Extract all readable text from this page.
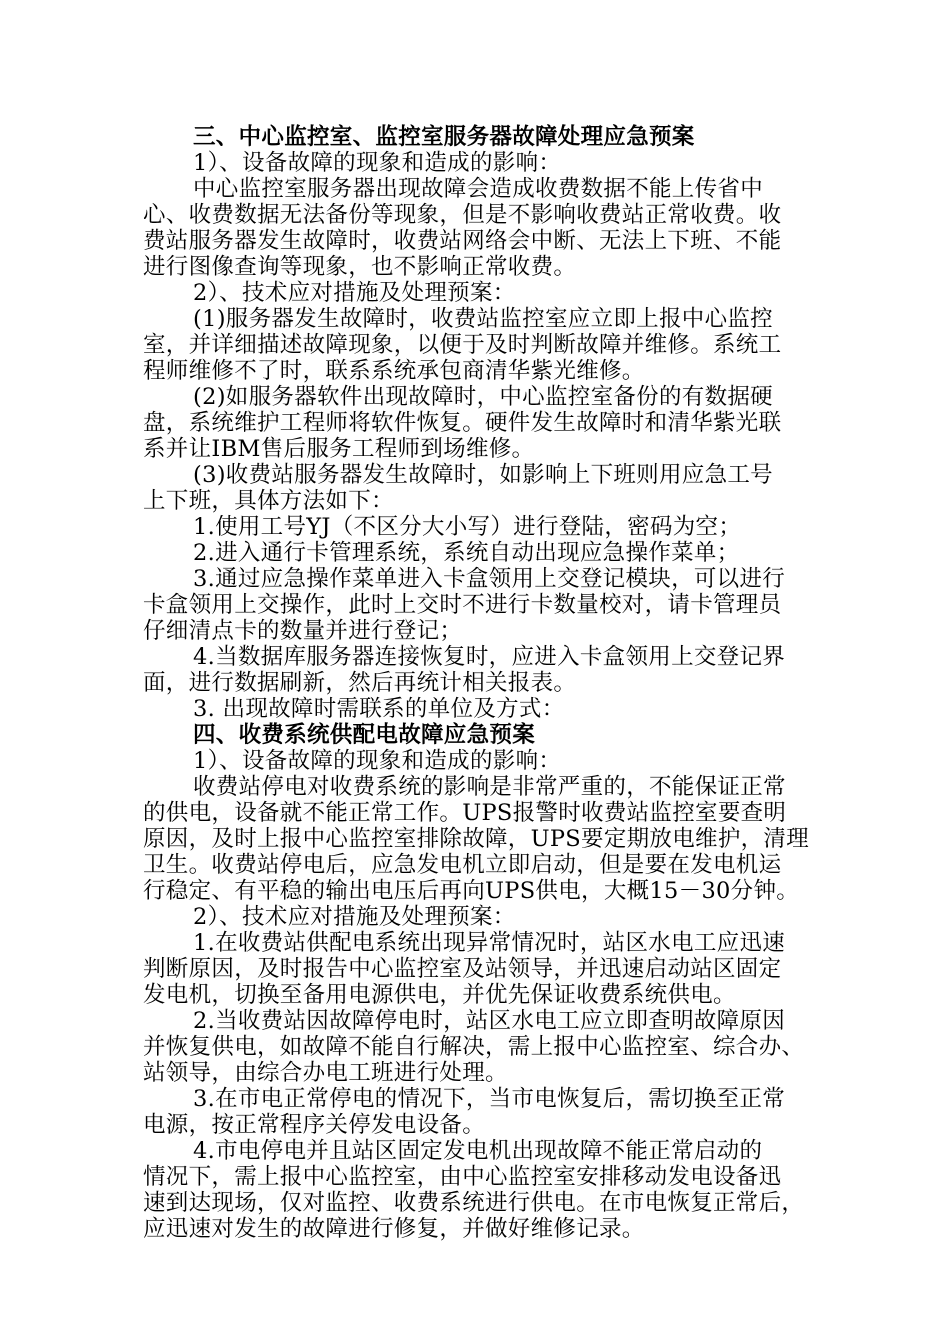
三、中心监控室、监控室服务器故障处理应急预案
1）、设备故障的现象和造成的影响：
中心监控室服务器出现故障会造成收费数据不能上传省中
心、收费数据无法备份等现象，但是不影响收费站正常收费。收
费站服务器发生故障时，收费站网络会中断、无法上下班、不能
进行图像查询等现象，也不影响正常收费。
2）、技术应对措施及处理预案：
(1)服务器发生故障时，收费站监控室应立即上报中心监控
室，并详细描述故障现象，以便于及时判断故障并维修。系统工
程师维修不了时，联系系统承包商清华紫光维修。
(2)如服务器软件出现故障时，中心监控室备份的有数据硬
盘，系统维护工程师将软件恢复。硬件发生故障时和清华紫光联
系并让IBM售后服务工程师到场维修。
(3)收费站服务器发生故障时，如影响上下班则用应急工号
上下班，具体方法如下：
1.使用工号YJ（不区分大小写）进行登陆，密码为空；
2.进入通行卡管理系统，系统自动出现应急操作菜单；
3.通过应急操作菜单进入卡盒领用上交登记模块，可以进行
卡盒领用上交操作，此时上交时不进行卡数量校对，请卡管理员
仔细清点卡的数量并进行登记；
4.当数据库服务器连接恢复时，应进入卡盒领用上交登记界
面，进行数据刷新，然后再统计相关报表。
3. 出现故障时需联系的单位及方式：
四、收费系统供配电故障应急预案
1）、设备故障的现象和造成的影响：
收费站停电对收费系统的影响是非常严重的，不能保证正常
的供电，设备就不能正常工作。UPS报警时收费站监控室要查明
原因，及时上报中心监控室排除故障，UPS要定期放电维护，清理
卫生。收费站停电后，应急发电机立即启动，但是要在发电机运
行稳定、有平稳的输出电压后再向UPS供电，大概15－30分钟。
2）、技术应对措施及处理预案：
1.在收费站供配电系统出现异常情况时，站区水电工应迅速
判断原因，及时报告中心监控室及站领导，并迅速启动站区固定
发电机，切换至备用电源供电，并优先保证收费系统供电。
2.当收费站因故障停电时，站区水电工应立即查明故障原因
并恢复供电，如故障不能自行解决，需上报中心监控室、综合办、
站领导，由综合办电工班进行处理。
3.在市电正常停电的情况下，当市电恢复后，需切换至正常
电源，按正常程序关停发电设备。
4.市电停电并且站区固定发电机出现故障不能正常启动的
情况下，需上报中心监控室，由中心监控室安排移动发电设备迅
速到达现场，仅对监控、收费系统进行供电。在市电恢复正常后，
应迅速对发生的故障进行修复，并做好维修记录。
